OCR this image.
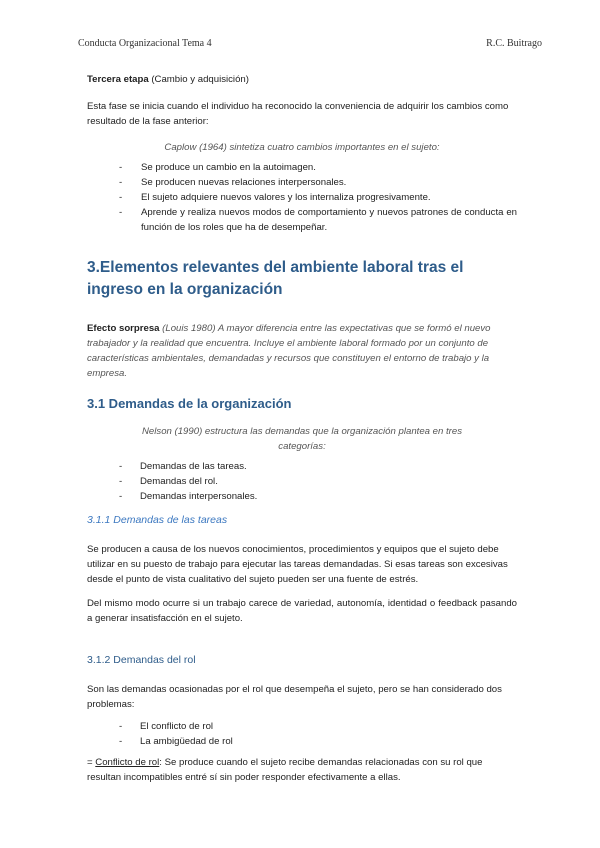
Conducta Organizacional Tema 4	R.C. Buitrago

Tercera etapa (Cambio y adquisición)

Esta fase se inicia cuando el individuo ha reconocido la conveniencia de adquirir los cambios como resultado de la fase anterior:

Caplow (1964) sintetiza cuatro cambios importantes en el sujeto:

- Se produce un cambio en la autoimagen.
- Se producen nuevas relaciones interpersonales.
- El sujeto adquiere nuevos valores y los internaliza progresivamente.
- Aprende y realiza nuevos modos de comportamiento y nuevos patrones de conducta en función de los roles que ha de desempeñar.
3.Elementos relevantes del ambiente laboral tras el ingreso en la organización

Efecto sorpresa (Louis 1980) A mayor diferencia entre las expectativas que se formó el nuevo trabajador y la realidad que encuentra. Incluye el ambiente laboral formado por un conjunto de características ambientales, demandadas y recursos que constituyen el entorno de trabajo y la empresa.

3.1 Demandas de la organización

Nelson (1990) estructura las demandas que la organización plantea en tres categorías:

- Demandas de las tareas.
- Demandas del rol.
- Demandas interpersonales.

3.1.1 Demandas de las tareas

Se producen a causa de los nuevos conocimientos, procedimientos y equipos que el sujeto debe utilizar en su puesto de trabajo para ejecutar las tareas demandadas. Si esas tareas son excesivas desde el punto de vista cualitativo del sujeto pueden ser una fuente de estrés.

Del mismo modo ocurre si un trabajo carece de variedad, autonomía, identidad o feedback pasando a generar insatisfacción en el sujeto.

3.1.2 Demandas del rol

Son las demandas ocasionadas por el rol que desempeña el sujeto, pero se han considerado dos problemas:

- El conflicto de rol
- La ambigüedad de rol

= Conflicto de rol: Se produce cuando el sujeto recibe demandas relacionadas con su rol que resultan incompatibles entré sí sin poder responder efectivamente a ellas.
